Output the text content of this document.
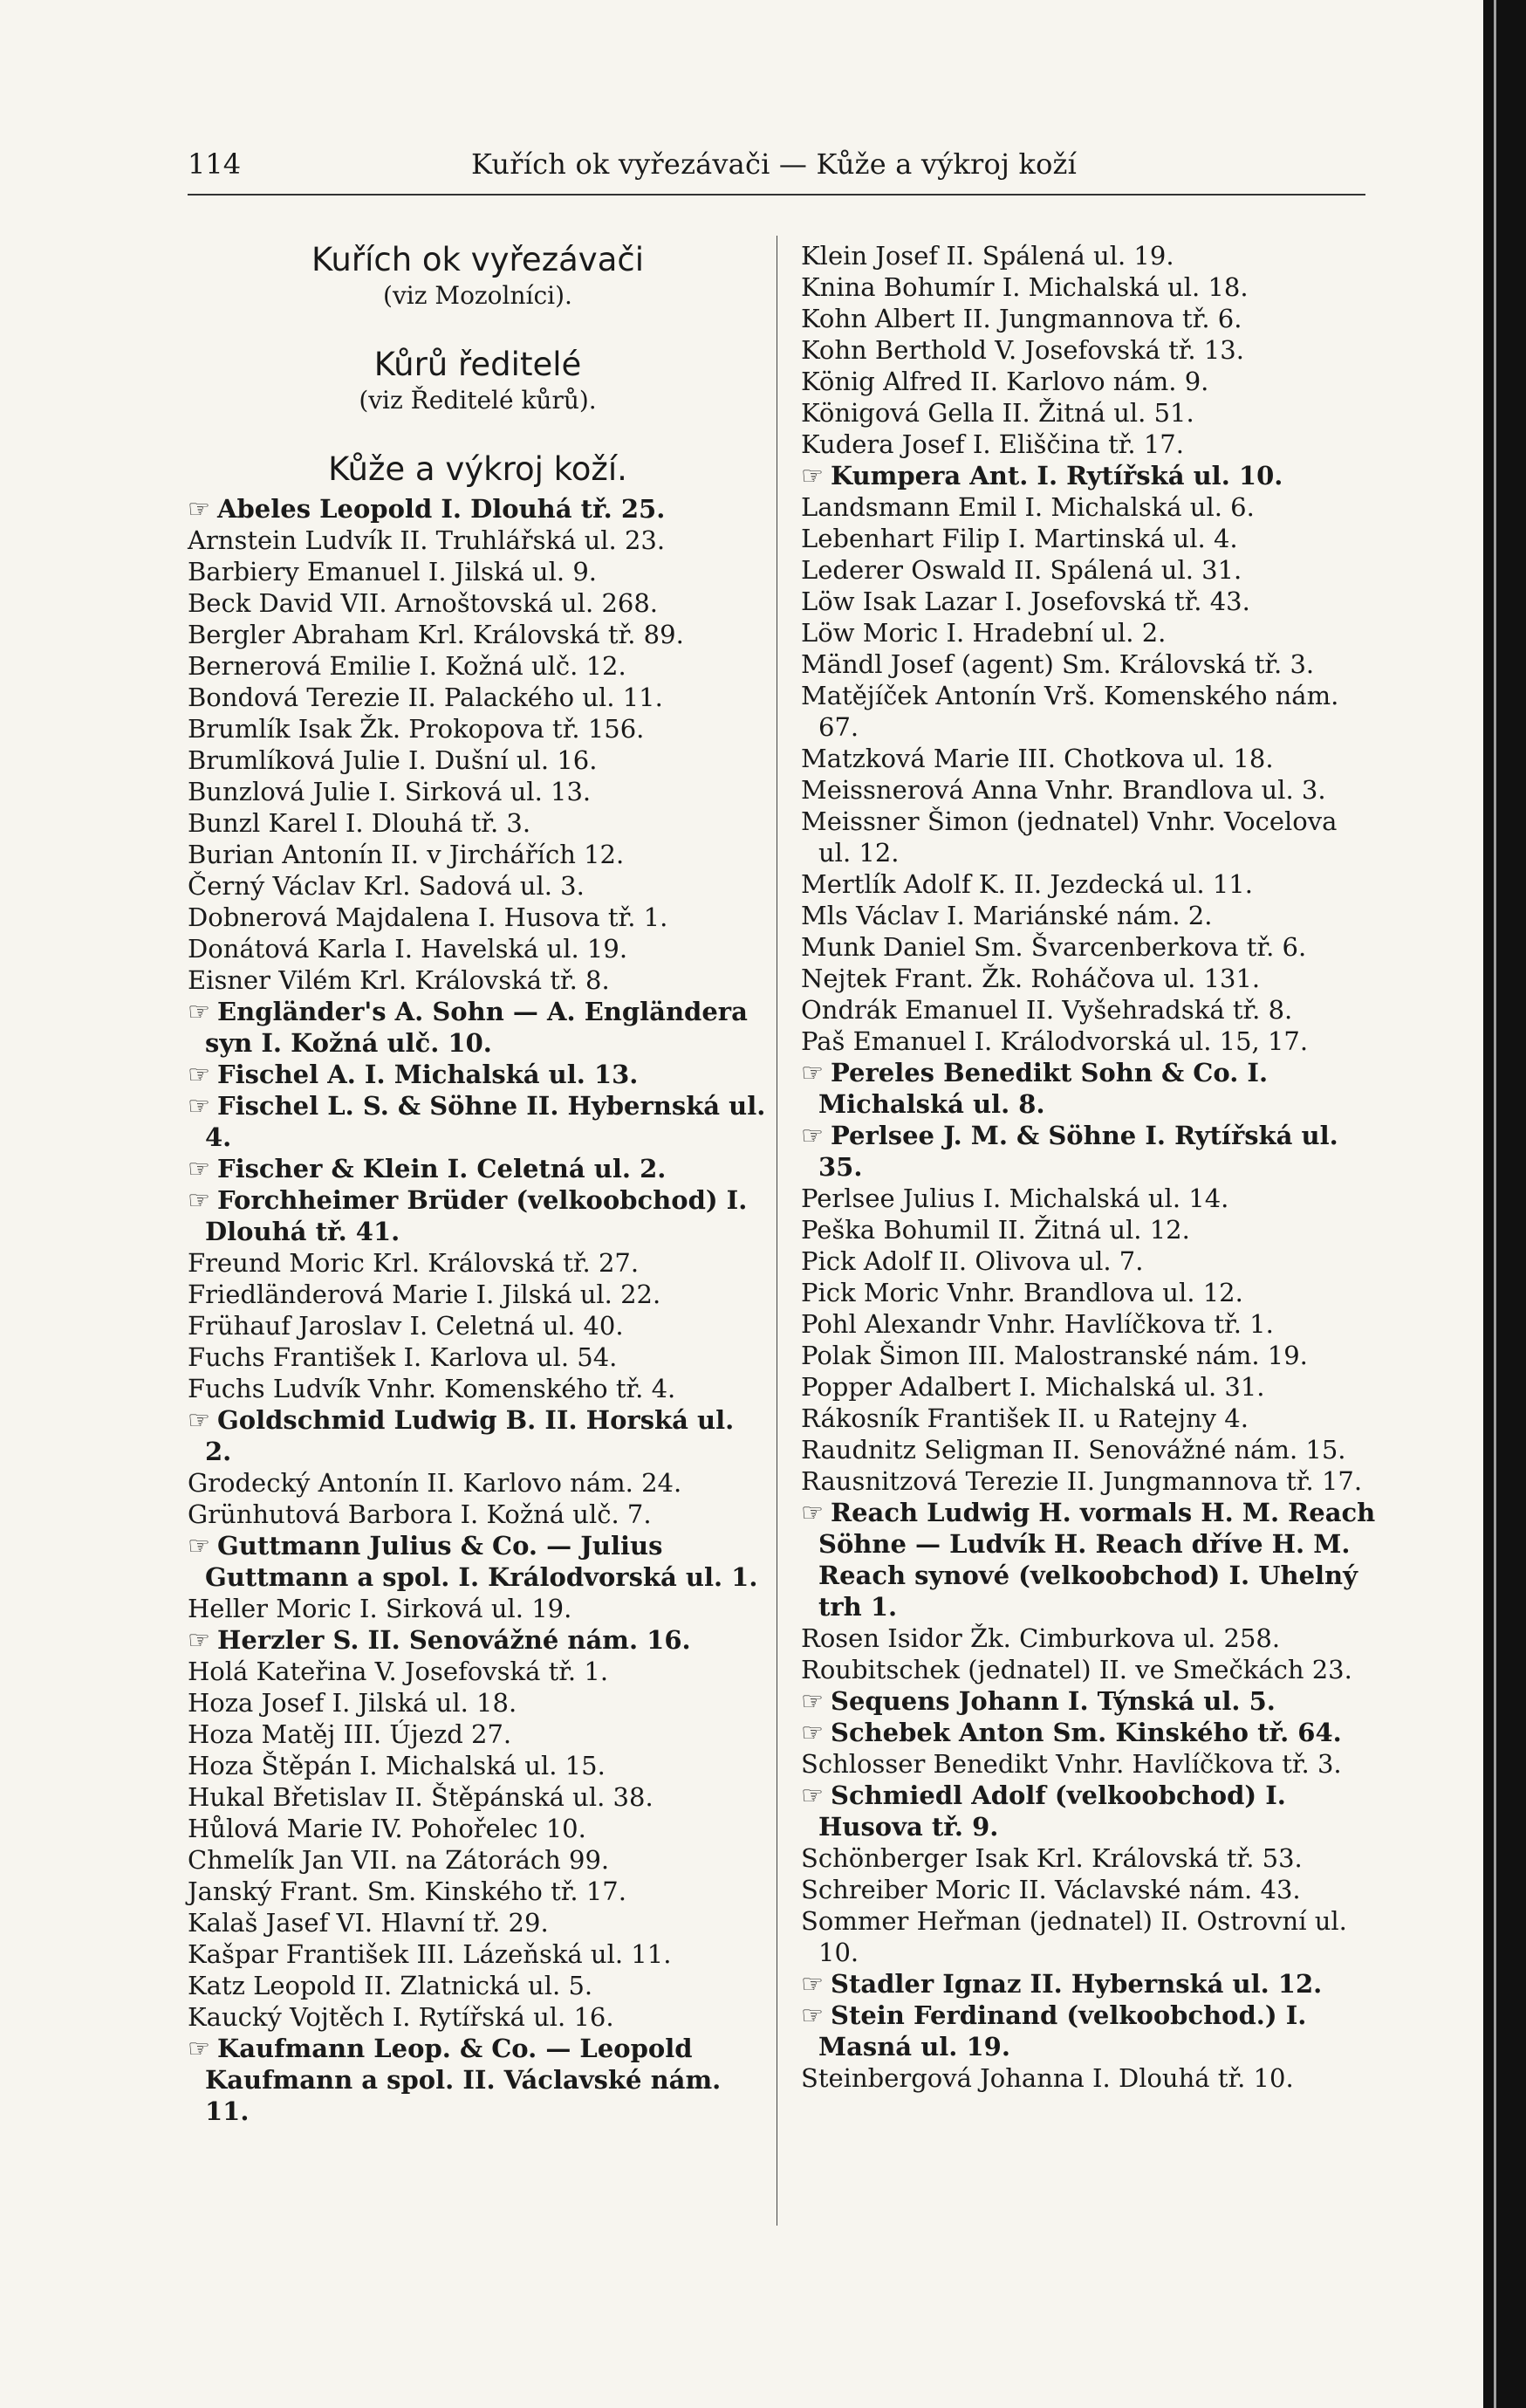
114	Kuřích ok vyřezávači — Kůže a výkroj koží
Kuřích ok vyřezávači
(viz Mozolníci).
Kůrů ředitelé
(viz Ředitelé kůrů).
Kůže a výkroj koží.

☞ Abeles Leopold I. Dlouhá tř. 25.

Arnstein Ludvík II. Truhlářská ul. 23.

Barbiery Emanuel I. Jilská ul. 9.

Beck David VII. Arnoštovská ul. 268.

Bergler Abraham Krl. Královská tř. 89.

Bernerová Emilie I. Kožná ulč. 12.

Bondová Terezie II. Palackého ul. 11.

Brumlík Isak Žk. Prokopova tř. 156.

Brumlíková Julie I. Dušní ul. 16.

Bunzlová Julie I. Sirková ul. 13.

Bunzl Karel I. Dlouhá tř. 3.

Burian Antonín II. v Jirchářích 12.

Černý Václav Krl. Sadová ul. 3.

Dobnerová Majdalena I. Husova tř. 1.

Donátová Karla I. Havelská ul. 19.

Eisner Vilém Krl. Královská tř. 8.

☞ Engländer's A. Sohn — A. Engländera syn I. Kožná ulč. 10.

☞ Fischel A. I. Michalská ul. 13.

☞ Fischel L. S. & Söhne II. Hybernská ul. 4.

☞ Fischer & Klein I. Celetná ul. 2.

☞ Forchheimer Brüder (velkoobchod) I. Dlouhá tř. 41.

Freund Moric Krl. Královská tř. 27.

Friedländerová Marie I. Jilská ul. 22.

Frühauf Jaroslav I. Celetná ul. 40.

Fuchs František I. Karlova ul. 54.

Fuchs Ludvík Vnhr. Komenského tř. 4.

☞ Goldschmid Ludwig B. II. Horská ul. 2.

Grodecký Antonín II. Karlovo nám. 24.

Grünhutová Barbora I. Kožná ulč. 7.

☞ Guttmann Julius & Co. — Julius Guttmann a spol. I. Králodvorská ul. 1.

Heller Moric I. Sirková ul. 19.

☞ Herzler S. II. Senovážné nám. 16.

Holá Kateřina V. Josefovská tř. 1.

Hoza Josef I. Jilská ul. 18.

Hoza Matěj III. Újezd 27.

Hoza Štěpán I. Michalská ul. 15.

Hukal Břetislav II. Štěpánská ul. 38.

Hůlová Marie IV. Pohořelec 10.

Chmelík Jan VII. na Zátorách 99.

Janský Frant. Sm. Kinského tř. 17.

Kalaš Jasef VI. Hlavní tř. 29.

Kašpar František III. Lázeňská ul. 11.

Katz Leopold II. Zlatnická ul. 5.

Kaucký Vojtěch I. Rytířská ul. 16.

☞ Kaufmann Leop. & Co. — Leopold Kaufmann a spol. II. Václavské nám. 11.

Klein Josef II. Spálená ul. 19.

Knina Bohumír I. Michalská ul. 18.

Kohn Albert II. Jungmannova tř. 6.

Kohn Berthold V. Josefovská tř. 13.

König Alfred II. Karlovo nám. 9.

Königová Gella II. Žitná ul. 51.

Kudera Josef I. Eliščina tř. 17.

☞ Kumpera Ant. I. Rytířská ul. 10.

Landsmann Emil I. Michalská ul. 6.

Lebenhart Filip I. Martinská ul. 4.

Lederer Oswald II. Spálená ul. 31.

Löw Isak Lazar I. Josefovská tř. 43.

Löw Moric I. Hradební ul. 2.

Mändl Josef (agent) Sm. Královská tř. 3.

Matějíček Antonín Vrš. Komenského nám. 67.

Matzková Marie III. Chotkova ul. 18.

Meissnerová Anna Vnhr. Brandlova ul. 3.

Meissner Šimon (jednatel) Vnhr. Vocelova ul. 12.

Mertlík Adolf K. II. Jezdecká ul. 11.

Mls Václav I. Mariánské nám. 2.

Munk Daniel Sm. Švarcenberkova tř. 6.

Nejtek Frant. Žk. Roháčova ul. 131.

Ondrák Emanuel II. Vyšehradská tř. 8.

Paš Emanuel I. Králodvorská ul. 15, 17.

☞ Pereles Benedikt Sohn & Co. I. Michalská ul. 8.

☞ Perlsee J. M. & Söhne I. Rytířská ul. 35.

Perlsee Julius I. Michalská ul. 14.

Peška Bohumil II. Žitná ul. 12.

Pick Adolf II. Olivova ul. 7.

Pick Moric Vnhr. Brandlova ul. 12.

Pohl Alexandr Vnhr. Havlíčkova tř. 1.

Polak Šimon III. Malostranské nám. 19.

Popper Adalbert I. Michalská ul. 31.

Rákosník František II. u Ratejny 4.

Raudnitz Seligman II. Senovážné nám. 15.

Rausnitzová Terezie II. Jungmannova tř. 17.

☞ Reach Ludwig H. vormals H. M. Reach Söhne — Ludvík H. Reach dříve H. M. Reach synové (velkoobchod) I. Uhelný trh 1.

Rosen Isidor Žk. Cimburkova ul. 258.

Roubitschek (jednatel) II. ve Smečkách 23.

☞ Sequens Johann I. Týnská ul. 5.

☞ Schebek Anton Sm. Kinského tř. 64.

Schlosser Benedikt Vnhr. Havlíčkova tř. 3.

☞ Schmiedl Adolf (velkoobchod) I. Husova tř. 9.

Schönberger Isak Krl. Královská tř. 53.

Schreiber Moric II. Václavské nám. 43.

Sommer Heřman (jednatel) II. Ostrovní ul. 10.

☞ Stadler Ignaz II. Hybernská ul. 12.

☞ Stein Ferdinand (velkoobchod.) I. Masná ul. 19.

Steinbergová Johanna I. Dlouhá tř. 10.
